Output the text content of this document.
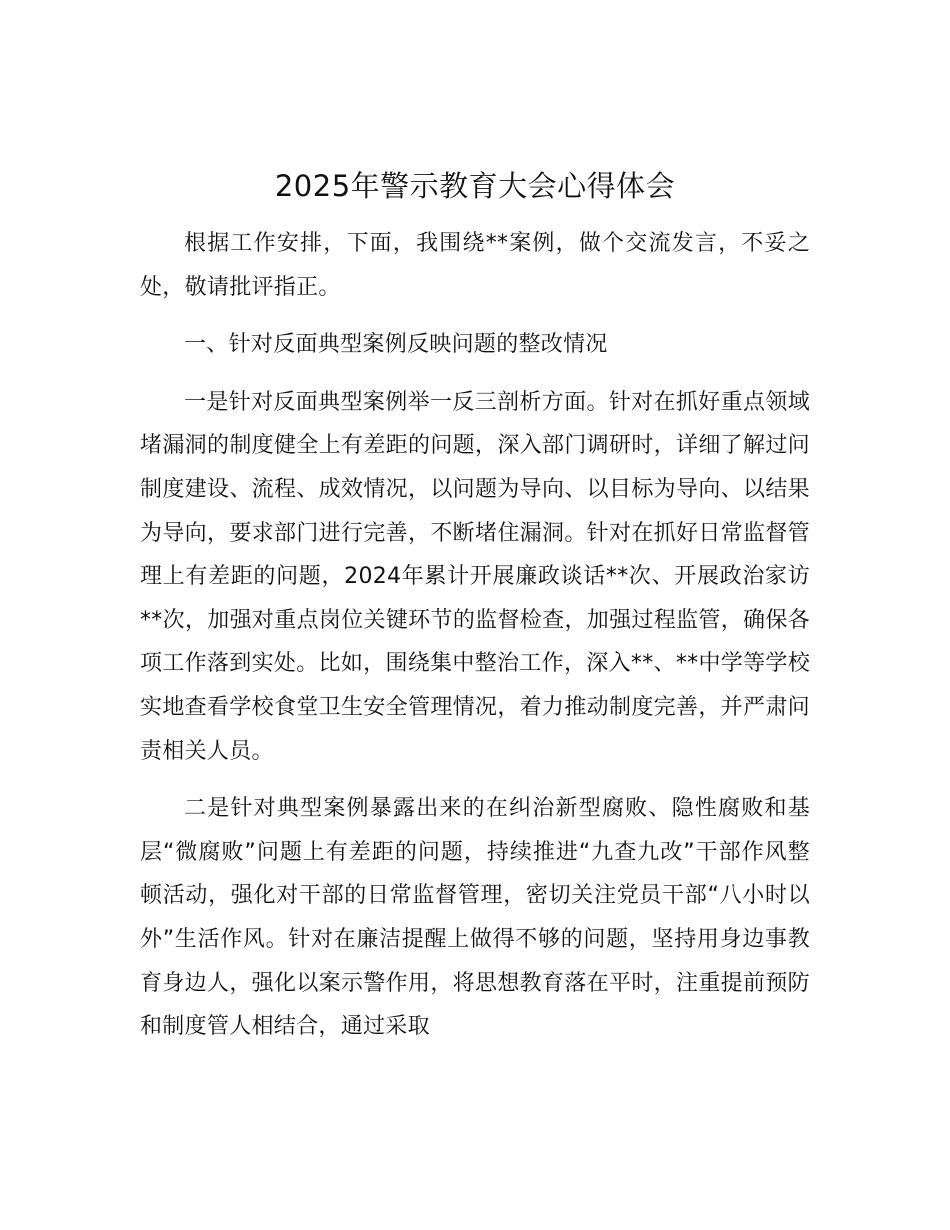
2025年警示教育大会心得体会

根据工作安排，下面，我围绕**案例，做个交流发言，不妥之处，敬请批评指正。

一、针对反面典型案例反映问题的整改情况

一是针对反面典型案例举一反三剖析方面。针对在抓好重点领域堵漏洞的制度健全上有差距的问题，深入部门调研时，详细了解过问制度建设、流程、成效情况，以问题为导向、以目标为导向、以结果为导向，要求部门进行完善，不断堵住漏洞。针对在抓好日常监督管理上有差距的问题，2024年累计开展廉政谈话**次、开展政治家访**次，加强对重点岗位关键环节的监督检查，加强过程监管，确保各项工作落到实处。比如，围绕集中整治工作，深入**、**中学等学校实地查看学校食堂卫生安全管理情况，着力推动制度完善，并严肃问责相关人员。

二是针对典型案例暴露出来的在纠治新型腐败、隐性腐败和基层“微腐败”问题上有差距的问题，持续推进“九查九改”干部作风整顿活动，强化对干部的日常监督管理，密切关注党员干部“八小时以外”生活作风。针对在廉洁提醒上做得不够的问题，坚持用身边事教育身边人，强化以案示警作用，将思想教育落在平时，注重提前预防和制度管人相结合，通过采取
